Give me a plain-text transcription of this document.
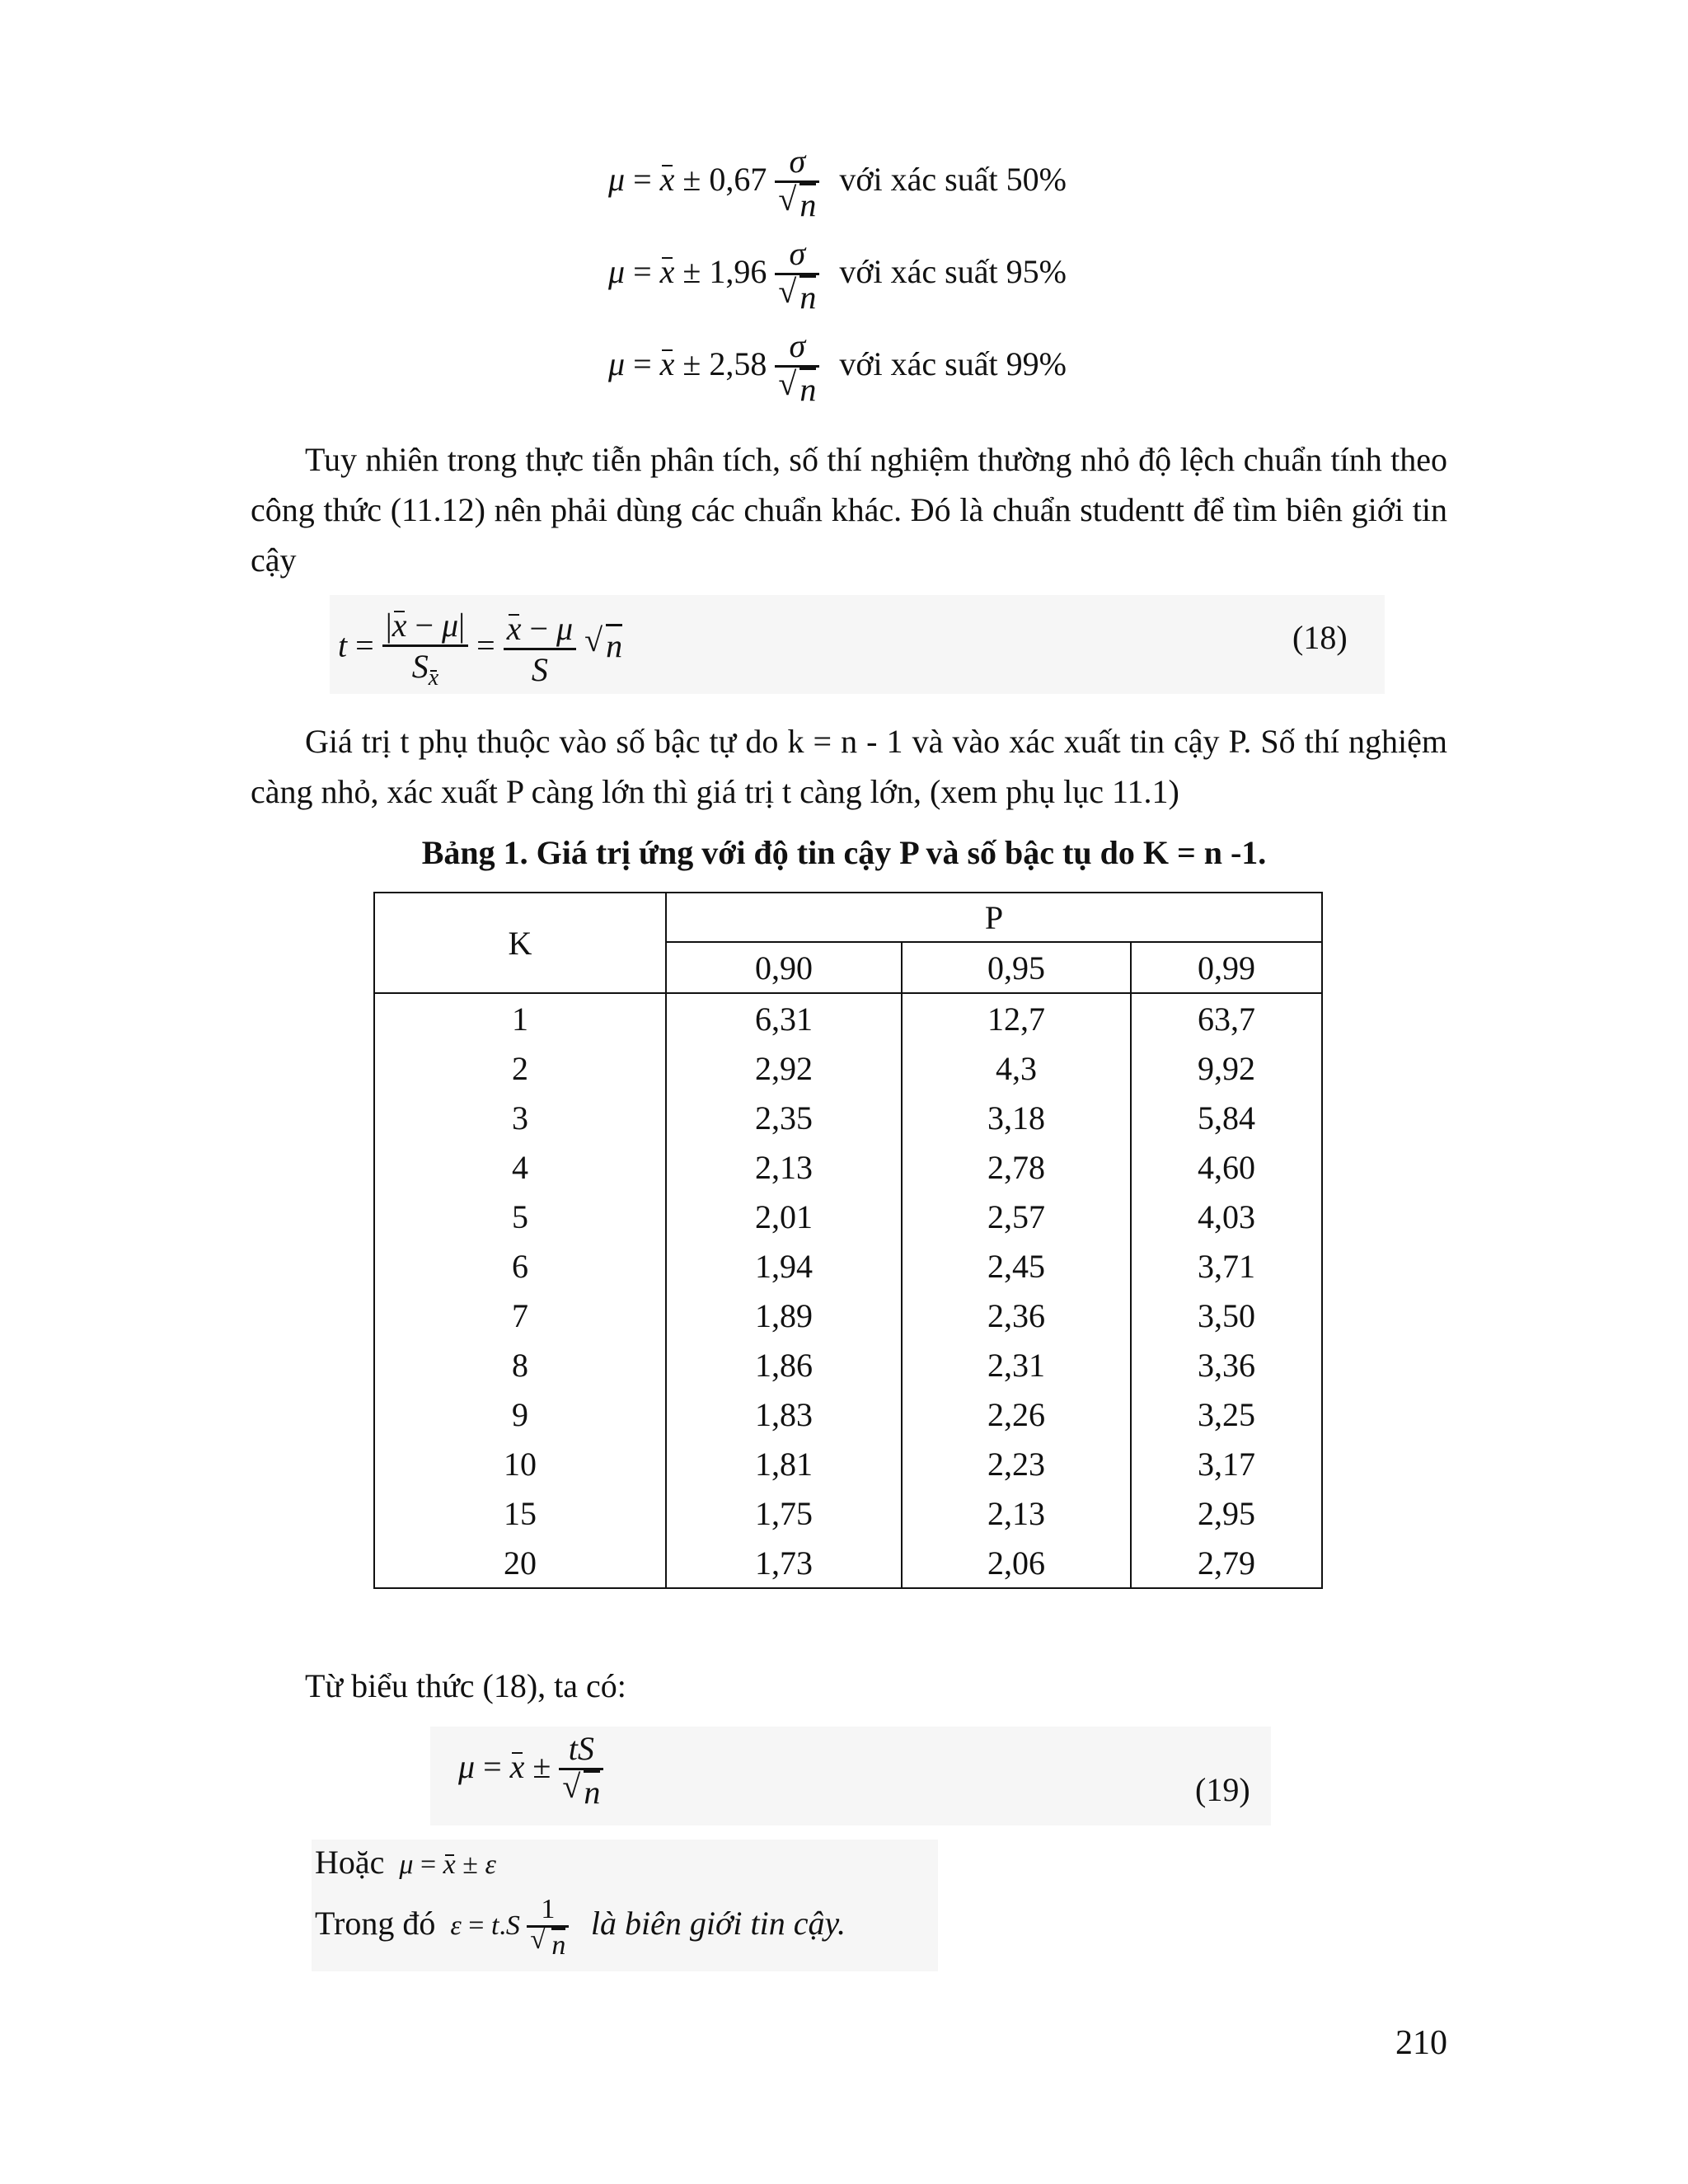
μ = x ± 0,67 σ
√ n với xác suất 50%
μ = x ± 1,96 σ
√ n với xác suất 95%
μ = x ± 2,58 σ
√ n với xác suất 99%
Tuy nhiên trong thực tiễn phân tích, số thí nghiệm thường nhỏ độ lệch chuẩn tính theo công thức (11.12) nên phải dùng các chuẩn khác. Đó là chuẩn studentt để tìm biên giới tin cậy
$t = \frac{|x - \mu|}{S_x} = \frac{x - \mu}{S}$ √ n	(18)
Giá trị t phụ thuộc vào số bậc tự do k = n - 1 và vào xác xuất tin cậy P. Số thí nghiệm càng nhỏ, xác xuất P càng lớn thì giá trị t càng lớn, (xem phụ lục 11.1)
Bảng 1. Giá trị ứng với độ tin cậy P và số bậc tụ do K = n -1.
K	P		
	0,90	0,95	0,99
1	6,31	12,7	63,7
2	2,92	4,3	9,92
3	2,35	3,18	5,84
4	2,13	2,78	4,60
5	2,01	2,57	4,03
6	1,94	2,45	3,71
7	1,89	2,36	3,50
8	1,86	2,31	3,36
9	1,83	2,26	3,25
10	1,81	2,23	3,17
15	1,75	2,13	2,95
20	1,73	2,06	2,79
Từ biểu thức (18), ta có:
μ = x ± tS
√ n	(19)
Hoặc μ = x ± ε
Trong đó ε = t.S 1
√ n là biên giới tin cậy.
210
